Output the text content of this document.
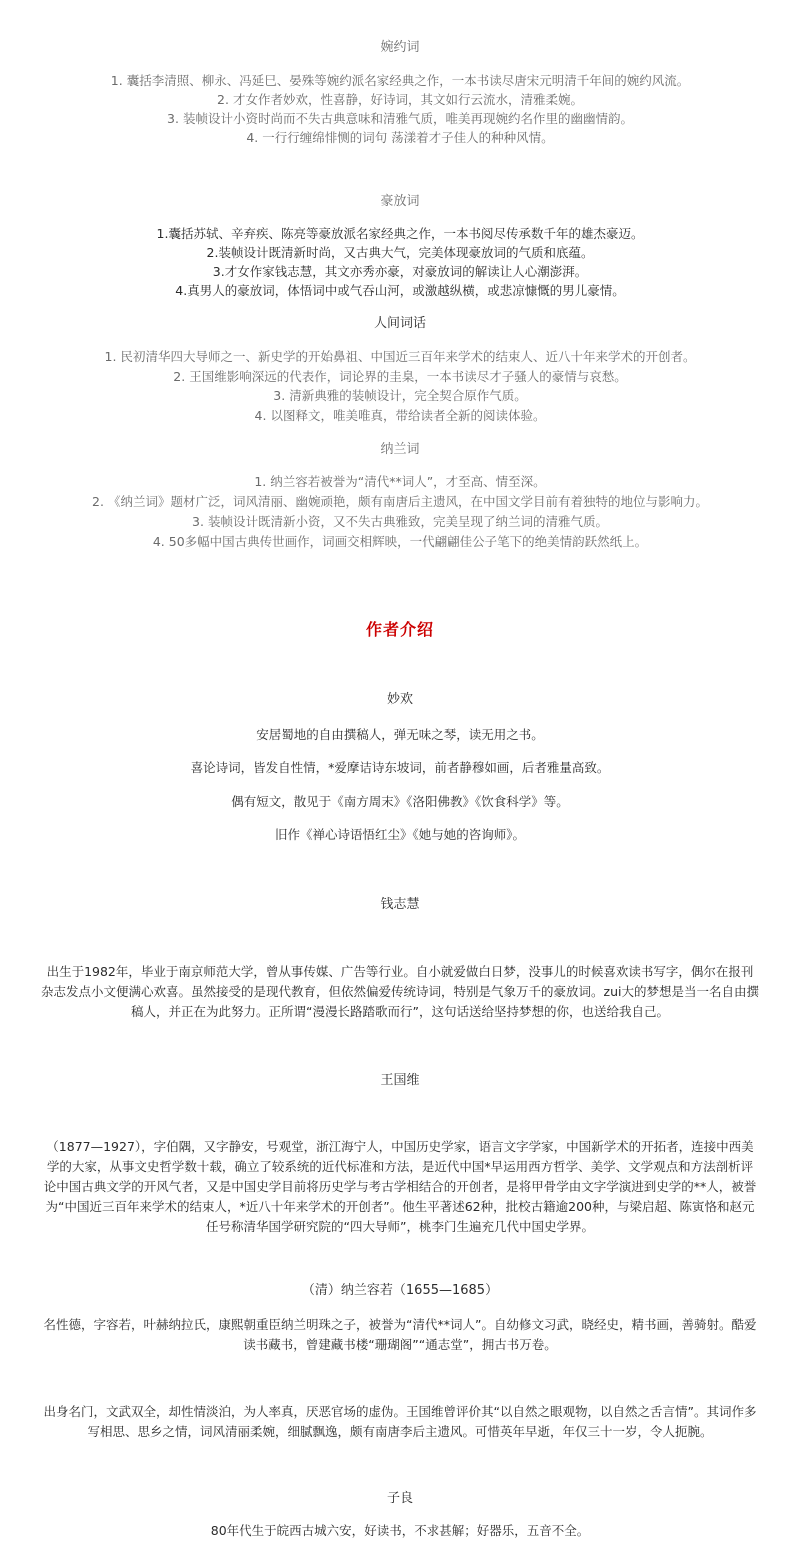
婉约词
1. 囊括李清照、柳永、冯延巳、晏殊等婉约派名家经典之作，一本书读尽唐宋元明清千年间的婉约风流。
2. 才女作者妙欢，性喜静，好诗词，其文如行云流水，清雅柔婉。
3. 装帧设计小资时尚而不失古典意味和清雅气质，唯美再现婉约名作里的幽幽情韵。
4. 一行行缠绵悱恻的词句 荡漾着才子佳人的种种风情。
豪放词
1.囊括苏轼、辛弃疾、陈亮等豪放派名家经典之作，一本书阅尽传承数千年的雄杰豪迈。
2.装帧设计既清新时尚，又古典大气，完美体现豪放词的气质和底蕴。
3.才女作家钱志慧，其文亦秀亦豪，对豪放词的解读让人心潮澎湃。
4.真男人的豪放词，体悟词中或气吞山河，或激越纵横，或悲凉慷慨的男儿豪情。
人间词话
1. 民初清华四大导师之一、新史学的开始鼻祖、中国近三百年来学术的结束人、近八十年来学术的开创者。
2. 王国维影响深远的代表作，词论界的圭臬，一本书读尽才子骚人的豪情与哀愁。
3. 清新典雅的装帧设计，完全契合原作气质。
4. 以图释文，唯美唯真，带给读者全新的阅读体验。
纳兰词
1. 纳兰容若被誉为“清代**词人”，才至高、情至深。
2. 《纳兰词》题材广泛，词风清丽、幽婉顽艳，颇有南唐后主遗风，在中国文学目前有着独特的地位与影响力。
3. 装帧设计既清新小资，又不失古典雅致，完美呈现了纳兰词的清雅气质。
4. 50多幅中国古典传世画作，词画交相辉映，一代翩翩佳公子笔下的绝美情韵跃然纸上。
作者介绍
妙欢
安居蜀地的自由撰稿人，弹无味之琴，读无用之书。
喜论诗词，皆发自性情，*爱摩诘诗东坡词，前者静穆如画，后者雅量高致。
偶有短文，散见于《南方周末》《洛阳佛教》《饮食科学》等。
旧作《禅心诗语悟红尘》《她与她的咨询师》。
钱志慧
出生于1982年，毕业于南京师范大学，曾从事传媒、广告等行业。自小就爱做白日梦，没事儿的时候喜欢读书写字，偶尔在报刊
杂志发点小文便满心欢喜。虽然接受的是现代教育，但依然偏爱传统诗词，特别是气象万千的豪放词。zui大的梦想是当一名自由撰
稿人，并正在为此努力。正所谓“漫漫长路踏歌而行”，这句话送给坚持梦想的你，也送给我自己。
王国维
（1877—1927），字伯隅，又字静安，号观堂，浙江海宁人，中国历史学家，语言文字学家，中国新学术的开拓者，连接中西美
学的大家，从事文史哲学数十载，确立了较系统的近代标准和方法，是近代中国*早运用西方哲学、美学、文学观点和方法剖析评
论中国古典文学的开风气者，又是中国史学目前将历史学与考古学相结合的开创者，是将甲骨学由文字学演进到史学的**人，被誉
为“中国近三百年来学术的结束人，*近八十年来学术的开创者”。他生平著述62种，批校古籍逾200种，与梁启超、陈寅恪和赵元
任号称清华国学研究院的“四大导师”，桃李门生遍充几代中国史学界。
（清）纳兰容若（1655—1685）
名性德，字容若，叶赫纳拉氏，康熙朝重臣纳兰明珠之子，被誉为“清代**词人”。自幼修文习武，晓经史，精书画，善骑射。酷爱
读书藏书，曾建藏书楼“珊瑚阁”“通志堂”，拥古书万卷。
出身名门，文武双全，却性情淡泊，为人率真，厌恶官场的虚伪。王国维曾评价其“以自然之眼观物，以自然之舌言情”。其词作多
写相思、思乡之情，词风清丽柔婉，细腻飘逸，颇有南唐李后主遗风。可惜英年早逝，年仅三十一岁，令人扼腕。
子良
80年代生于皖西古城六安，好读书，不求甚解；好器乐，五音不全。
